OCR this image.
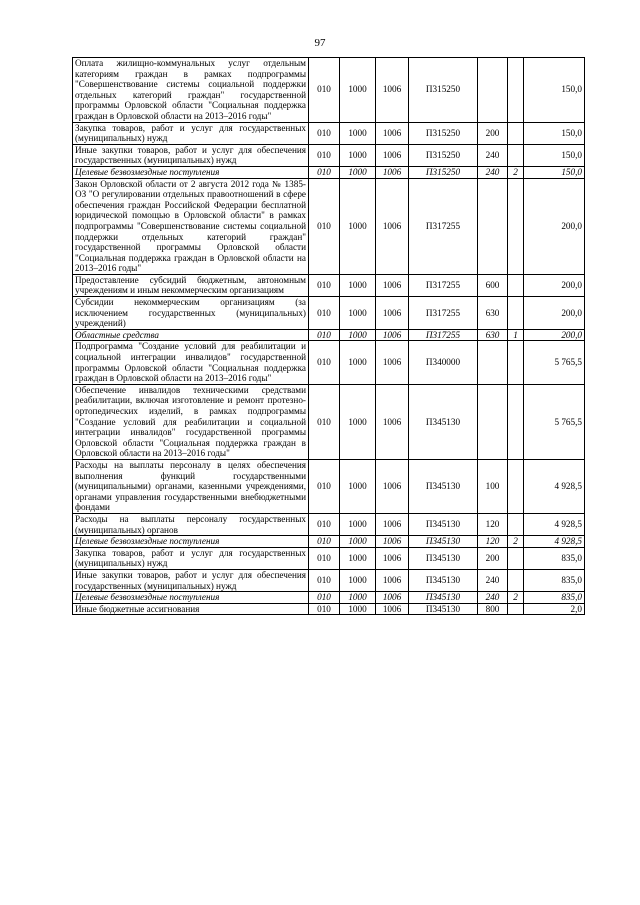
97
Оплата жилищно-коммунальных услуг отдельным категориям граждан в рамках подпрограммы "Совершенствование системы социальной поддержки отдельных категорий граждан" государственной программы Орловской области "Социальная поддержка граждан в Орловской области на 2013–2016 годы"	010	1000	1006	П315250			150,0
Закупка товаров, работ и услуг для государственных (муниципальных) нужд	010	1000	1006	П315250	200		150,0
Иные закупки товаров, работ и услуг для обеспечения государственных (муниципальных) нужд	010	1000	1006	П315250	240		150,0
Целевые безвозмездные поступления	010	1000	1006	П315250	240	2	150,0
Закон Орловской области от 2 августа 2012 года № 1385-ОЗ "О регулировании отдельных правоотношений в сфере обеспечения граждан Российской Федерации бесплатной юридической помощью в Орловской области" в рамках подпрограммы "Совершенствование системы социальной поддержки отдельных категорий граждан" государственной программы Орловской области "Социальная поддержка граждан в Орловской области на 2013–2016 годы"	010	1000	1006	П317255			200,0
Предоставление субсидий бюджетным, автономным учреждениям и иным некоммерческим организациям	010	1000	1006	П317255	600		200,0
Субсидии некоммерческим организациям (за исключением государственных (муниципальных) учреждений)	010	1000	1006	П317255	630		200,0
Областные средства	010	1000	1006	П317255	630	1	200,0
Подпрограмма "Создание условий для реабилитации и социальной интеграции инвалидов" государственной программы Орловской области "Социальная поддержка граждан в Орловской области на 2013–2016 годы"	010	1000	1006	П340000			5 765,5
Обеспечение инвалидов техническими средствами реабилитации, включая изготовление и ремонт протезно-ортопедических изделий, в рамках подпрограммы "Создание условий для реабилитации и социальной интеграции инвалидов" государственной программы Орловской области "Социальная поддержка граждан в Орловской области на 2013–2016 годы"	010	1000	1006	П345130			5 765,5
Расходы на выплаты персоналу в целях обеспечения выполнения функций государственными (муниципальными) органами, казенными учреждениями, органами управления государственными внебюджетными фондами	010	1000	1006	П345130	100		4 928,5
Расходы на выплаты персоналу государственных (муниципальных) органов	010	1000	1006	П345130	120		4 928,5
Целевые безвозмездные поступления	010	1000	1006	П345130	120	2	4 928,5
Закупка товаров, работ и услуг для государственных (муниципальных) нужд	010	1000	1006	П345130	200		835,0
Иные закупки товаров, работ и услуг для обеспечения государственных (муниципальных) нужд	010	1000	1006	П345130	240		835,0
Целевые безвозмездные поступления	010	1000	1006	П345130	240	2	835,0
Иные бюджетные ассигнования	010	1000	1006	П345130	800		2,0
